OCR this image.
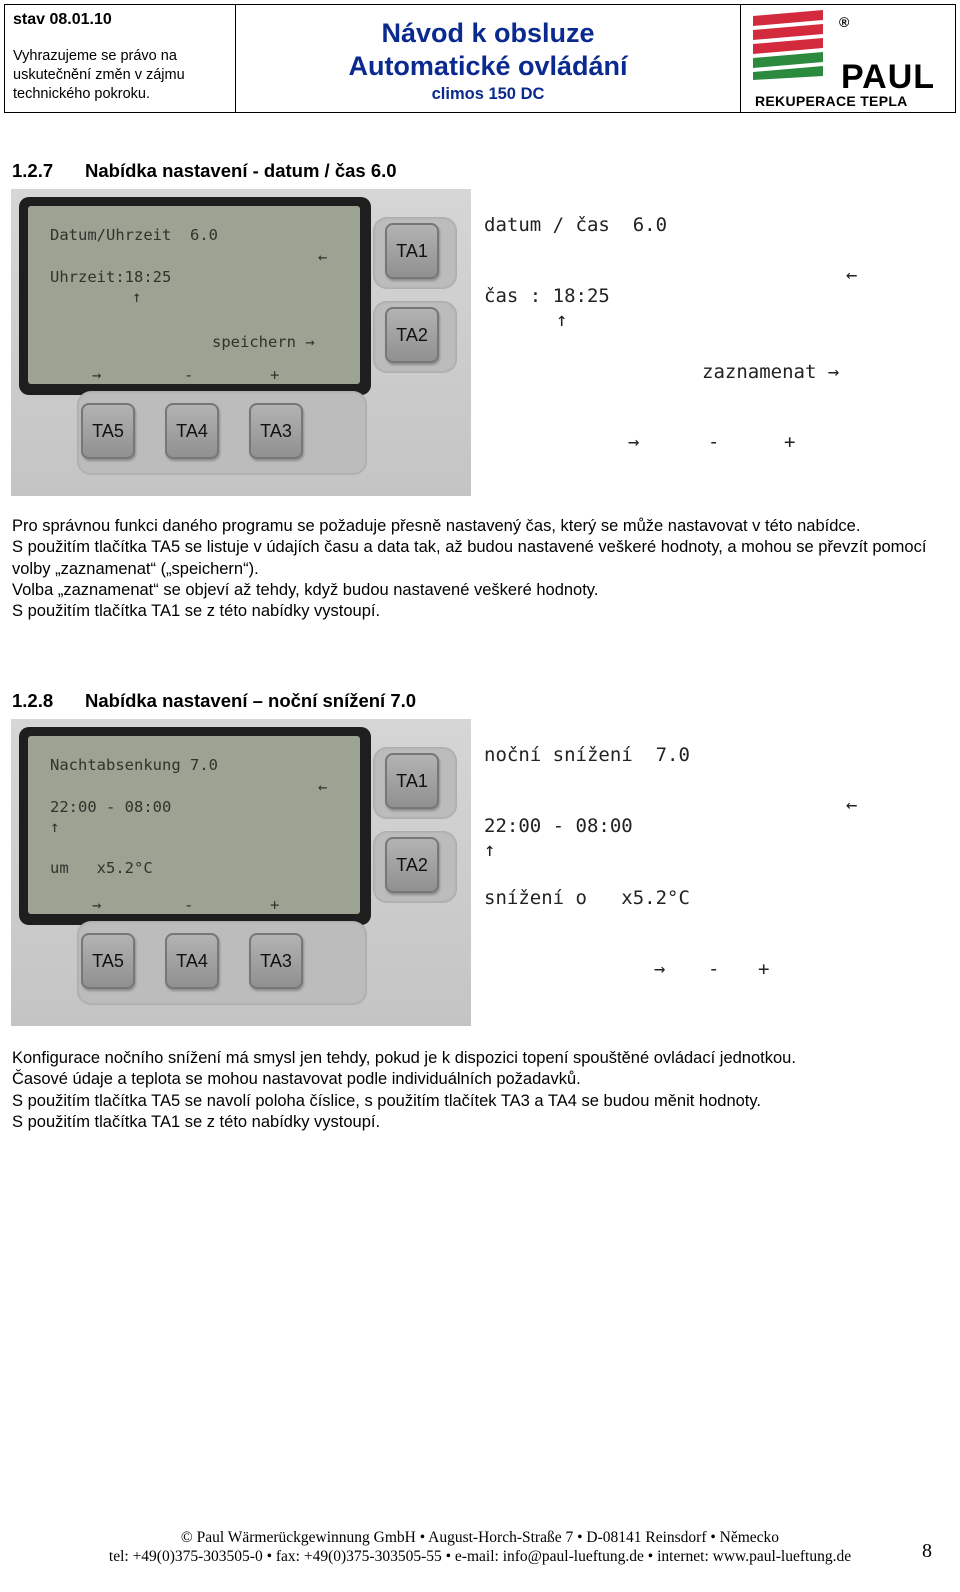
stav 08.01.10
Vyhrazujeme se právo na
uskutečnění změn v zájmu
technického pokroku.
Návod k obsluze
Automatické ovládání
climos 150 DC
®
PAUL
REKUPERACE TEPLA
1.2.7 Nabídka nastavení - datum / čas 6.0
Datum/Uhrzeit  6.0
←
Uhrzeit:18:25
↑
speichern →
→	-	+
TA1
TA2
TA5	TA4	TA3
datum / čas  6.0
←
čas : 18:25
↑
zaznamenat →
→	-	+

Pro správnou funkci daného programu se požaduje přesně nastavený čas, který se může nastavovat v této nabídce.

S použitím tlačítka TA5 se listuje v údajích času a data tak, až budou nastavené veškeré hodnoty, a mohou se převzít pomocí volby „zaznamenat“ („speichern“).

Volba „zaznamenat“ se objeví až tehdy, když budou nastavené veškeré hodnoty.

S použitím tlačítka TA1 se z této nabídky vystoupí.

1.2.8 Nabídka nastavení – noční snížení 7.0
Nachtabsenkung 7.0
←
22:00 - 08:00
↑
um   x5.2°C
→	-	+
TA1
TA2
TA5	TA4	TA3
noční snížení  7.0
←
22:00 - 08:00
↑
snížení o   x5.2°C
→ - +

Konfigurace nočního snížení má smysl jen tehdy, pokud je k dispozici topení spouštěné ovládací jednotkou.

Časové údaje a teplota se mohou nastavovat podle individuálních požadavků.

S použitím tlačítka TA5 se navolí poloha číslice, s použitím tlačítek TA3 a TA4 se budou měnit hodnoty.

S použitím tlačítka TA1 se z této nabídky vystoupí.

© Paul Wärmerückgewinnung GmbH • August-Horch-Straße 7 • D-08141 Reinsdorf • Německo
tel: +49(0)375-303505-0 • fax: +49(0)375-303505-55 • e-mail: info@paul-lueftung.de • internet: www.paul-lueftung.de	8
